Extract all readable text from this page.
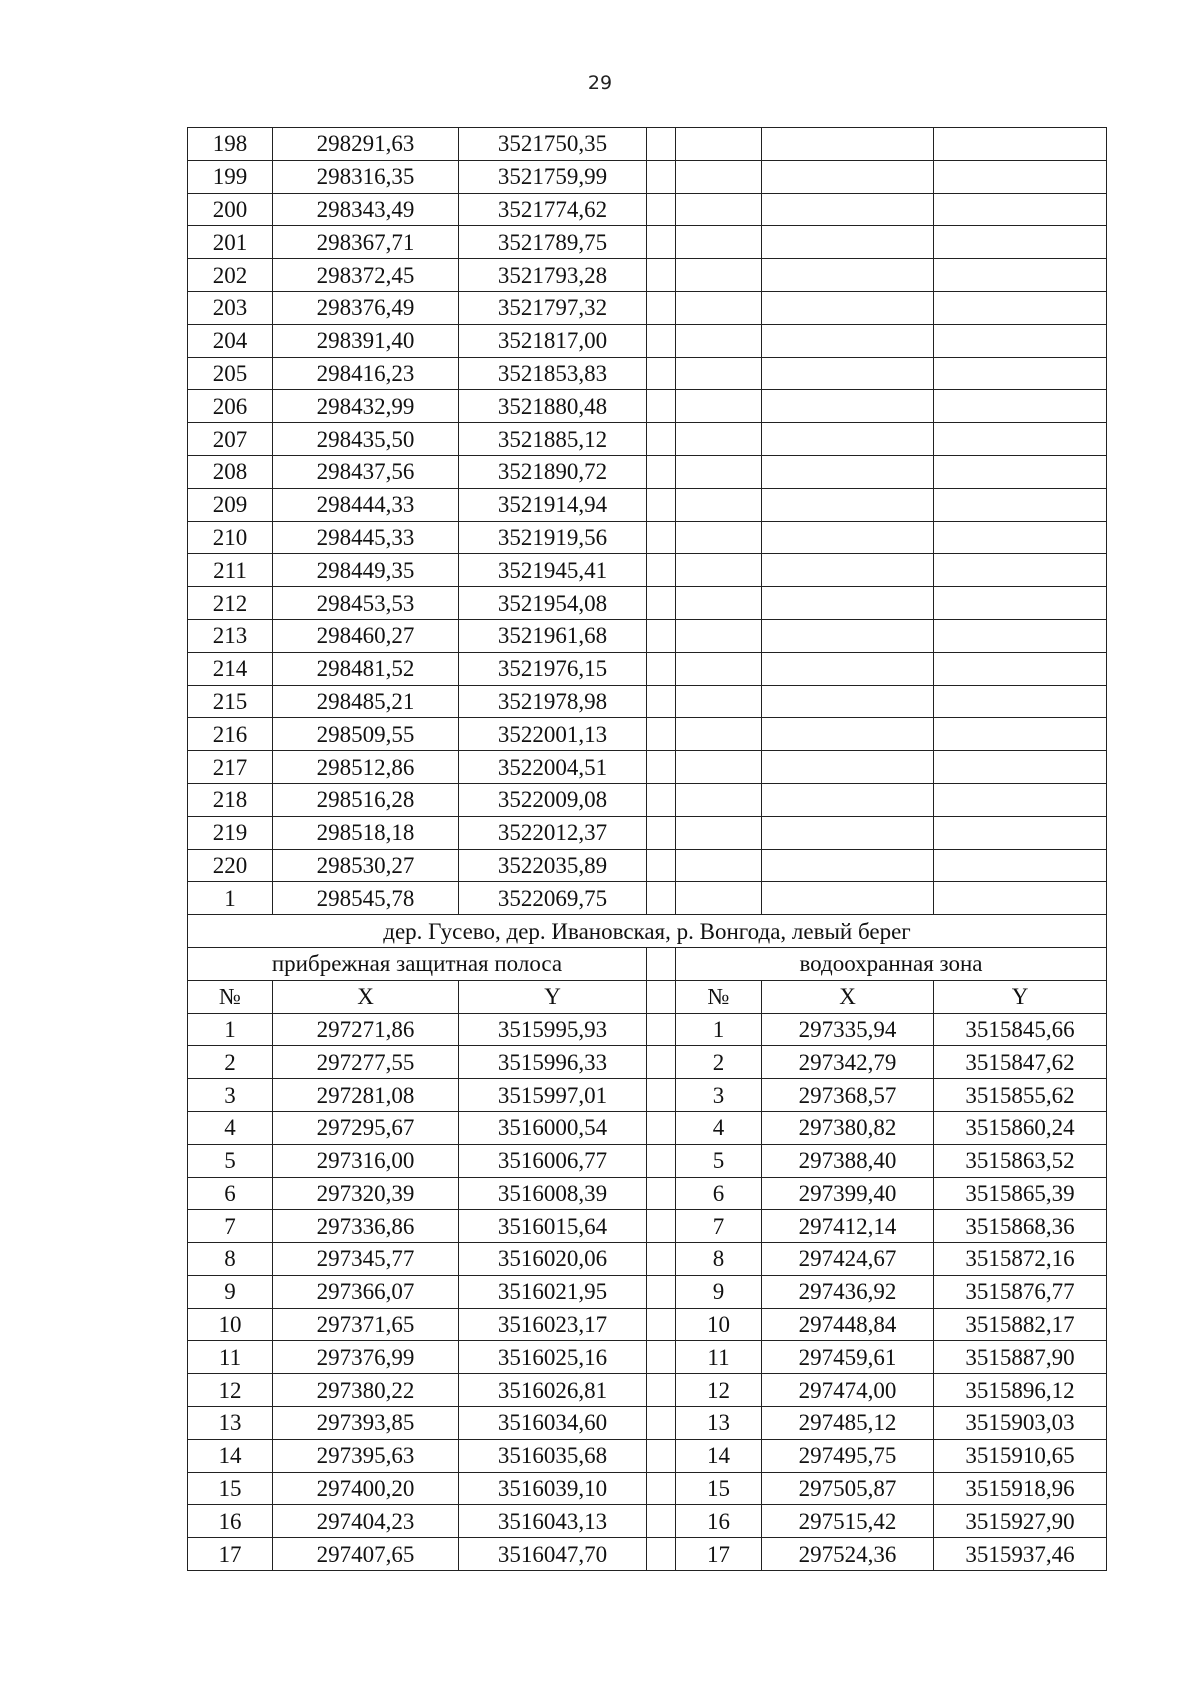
29
198	298291,63	3521750,35				
199	298316,35	3521759,99				
200	298343,49	3521774,62				
201	298367,71	3521789,75				
202	298372,45	3521793,28				
203	298376,49	3521797,32				
204	298391,40	3521817,00				
205	298416,23	3521853,83				
206	298432,99	3521880,48				
207	298435,50	3521885,12				
208	298437,56	3521890,72				
209	298444,33	3521914,94				
210	298445,33	3521919,56				
211	298449,35	3521945,41				
212	298453,53	3521954,08				
213	298460,27	3521961,68				
214	298481,52	3521976,15				
215	298485,21	3521978,98				
216	298509,55	3522001,13				
217	298512,86	3522004,51				
218	298516,28	3522009,08				
219	298518,18	3522012,37				
220	298530,27	3522035,89				
1	298545,78	3522069,75				
дер. Гусево, дер. Ивановская, р. Вонгода, левый берег						
прибрежная защитная полоса				водоохранная зона		
№	X	Y		№	X	Y
1	297271,86	3515995,93		1	297335,94	3515845,66
2	297277,55	3515996,33		2	297342,79	3515847,62
3	297281,08	3515997,01		3	297368,57	3515855,62
4	297295,67	3516000,54		4	297380,82	3515860,24
5	297316,00	3516006,77		5	297388,40	3515863,52
6	297320,39	3516008,39		6	297399,40	3515865,39
7	297336,86	3516015,64		7	297412,14	3515868,36
8	297345,77	3516020,06		8	297424,67	3515872,16
9	297366,07	3516021,95		9	297436,92	3515876,77
10	297371,65	3516023,17		10	297448,84	3515882,17
11	297376,99	3516025,16		11	297459,61	3515887,90
12	297380,22	3516026,81		12	297474,00	3515896,12
13	297393,85	3516034,60		13	297485,12	3515903,03
14	297395,63	3516035,68		14	297495,75	3515910,65
15	297400,20	3516039,10		15	297505,87	3515918,96
16	297404,23	3516043,13		16	297515,42	3515927,90
17	297407,65	3516047,70		17	297524,36	3515937,46
